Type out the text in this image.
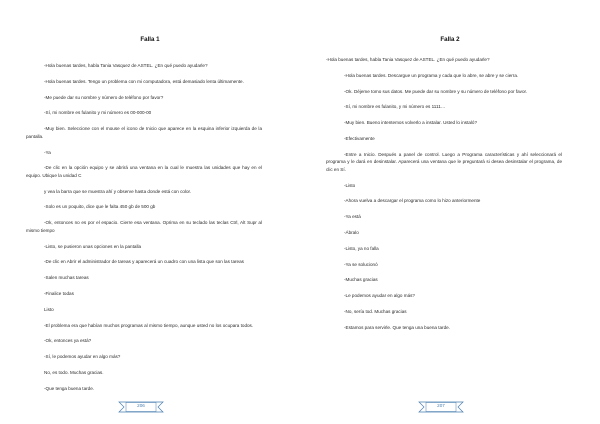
Falla 1

-Hola buenas tardes, habla Tania Vasquez de ASTEL. ¿En qué puedo ayudarle?

-Hola buenas tardes. Tengo un problema con mi computadora, está demasiado lenta últimamente.

-Me puede dar su nombre y número de teléfono por favor?

-Sí, mi nombre es fulanito y mi número es 00-000-00

-Muy bien. Seleccione con el mouse el icono de Inicio que aparece en la esquina inferior izquierda de la pantalla.

-Ya

-De clic en la opción equipo y se abrirá una ventana en la cual le muestra las unidades que hay en el equipo. Ubique la unidad C

y vea la barra que se muestra ahí y observe hasta donde está con color.

-Solo es un poquito, dice que le falta 450 gb de 500 gb

-Ok, entonces no es por el espacio. Cierre esa ventana. Oprima en su teclado las teclas Ctrl, Alt Supr al mismo tiempo

-Listo, se pusieron unas opciones en la pantalla

-De clic en Abrir el administrador de tareas y aparecerá un cuadro con una lista que son las tareas

-Salen muchas tareas

-Finalice todas

Listo

-El problema era que habían muchos programas al mismo tiempo, aunque usted no los ocupara todos.

-Ok, entonces ya está?

-Sí, le podemos ayudar en algo más?

No, es todo. Muchas gracias.

-Que tenga buena tarde.

206
Falla 2

-Hola buenas tardes, habla Tania Vasquez de ASTEL. ¿En qué puedo ayudarle?

-Hola buenas tardes. Descargue un programa y cada que lo abre, se abre y se cierra.

-Ok. Déjeme tomo sus datos. Me puede dar su nombre y su número de teléfono por favor.

-Sí, mi nombre es fulanito, y mi número es 1111…

-Muy bien. Bueno intentemos volverlo a instalar. Usted lo instaló?

-Efectivamente

-Entre a Inicio. Después a panel de control. Luego a Programa características y ahí seleccionará el programa y le dará en desinstalar. Aparecerá una ventana que le preguntará si desea desinstalar el programa, de clic en Sí.

-Listo

-Ahora vuelva a descargar el programa como lo hizo anteriormente

-Ya está

-Ábralo

-Listo, ya no falla

-Ya se solucionó

-Muchas gracias

-Le podemos ayudar en algo más?

-No, sería tod. Muchas gracias

-Estamos para servirle. Que tenga una buena tarde.

207
